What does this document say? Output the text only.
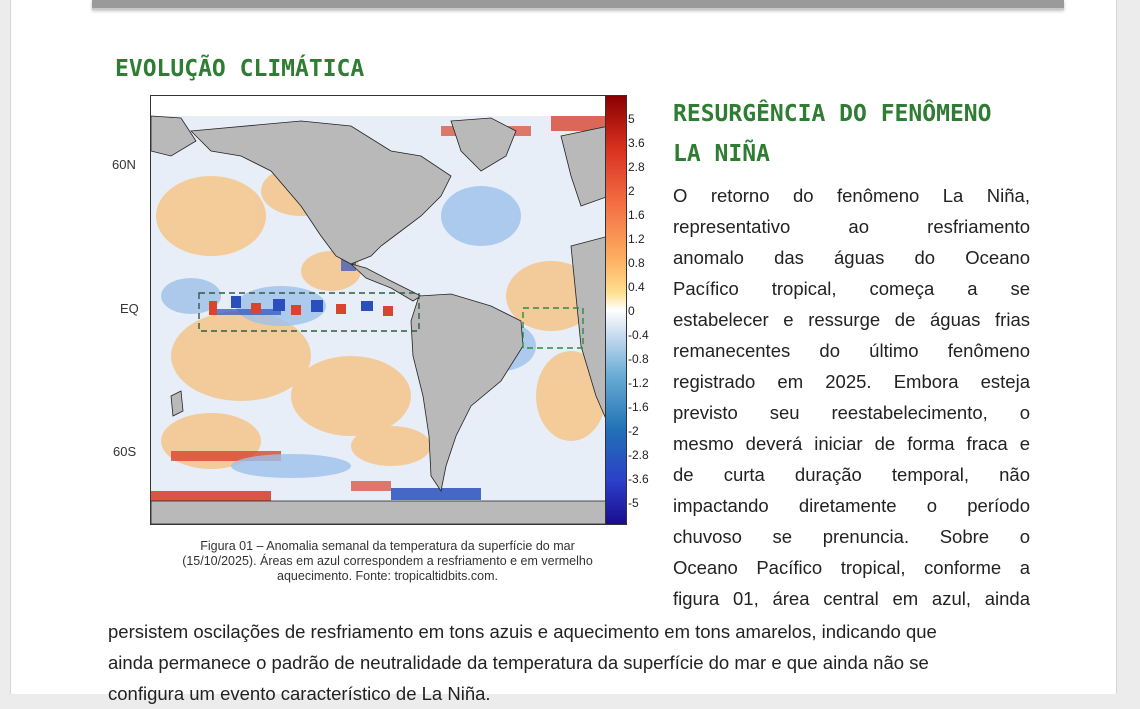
EVOLUÇÃO CLIMÁTICA
RESURGÊNCIA DO FENÔMENO
LA NIÑA
60N
EQ
60S
5
3.6
2.8
2
1.6
1.2
0.8
0.4
0
-0.4
-0.8
-1.2
-1.6
-2
-2.8
-3.6
-5
Figura 01 – Anomalia semanal da temperatura da superfície do mar
(15/10/2025). Áreas em azul correspondem a resfriamento e em vermelho
aquecimento. Fonte: tropicaltidbits.com.
O retorno do fenômeno La Niña,
representativo ao resfriamento
anomalo das águas do Oceano
Pacífico tropical, começa a se
estabelecer e ressurge de águas frias
remanecentes do último fenômeno
registrado em 2025. Embora esteja
previsto seu reestabelecimento, o
mesmo deverá iniciar de forma fraca e
de curta duração temporal, não
impactando diretamente o período
chuvoso se prenuncia. Sobre o
Oceano Pacífico tropical, conforme a
figura 01, área central em azul, ainda
persistem oscilações de resfriamento em tons azuis e aquecimento em tons amarelos, indicando que
ainda permanece o padrão de neutralidade da temperatura da superfície do mar e que ainda não se
configura um evento característico de La Niña.
